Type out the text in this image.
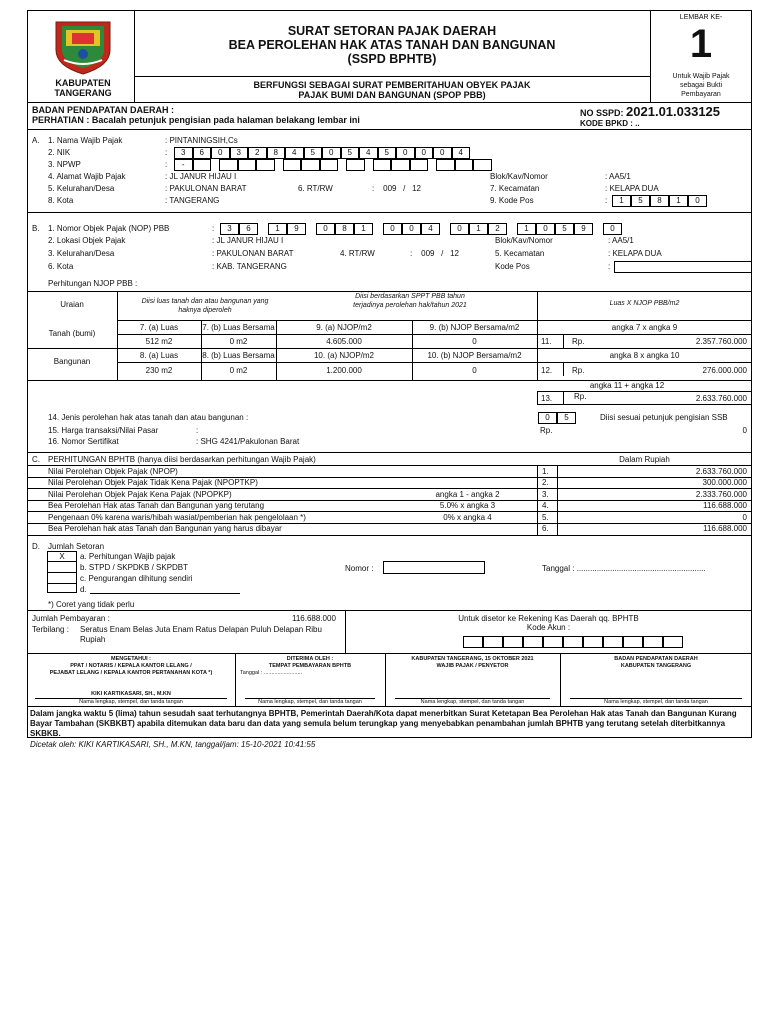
KABUPATEN
TANGERANG
SURAT SETORAN PAJAK DAERAH
BEA PEROLEHAN HAK ATAS TANAH DAN BANGUNAN
(SSPD BPHTB)
BERFUNGSI SEBAGAI SURAT PEMBERITAHUAN OBYEK PAJAK
PAJAK BUMI DAN BANGUNAN (SPOP PBB)
LEMBAR KE-
1
Untuk Wajib Pajak sebagai Bukti Pembayaran
BADAN PENDAPATAN DAERAH :
PERHATIAN : Bacalah petunjuk pengisian pada halaman belakang lembar ini
NO SSPD: 2021.01.033125
KODE BPKD : ..
A. 1. Nama Wajib Pajak	: PINTANINGSIH,Cs
2. NIK	:	3	6	0	3	2	8	4	5	0	5	4	5	0	0	0	4
3. NPWP	:	-
4. Alamat Wajib Pajak	: JL JANUR HIJAU I	Blok/Kav/Nomor	: AA5/1
5. Kelurahan/Desa	: PAKULONAN BARAT	6. RT/RW	:    009 / 12	7. Kecamatan	: KELAPA DUA
8. Kota	: TANGERANG	9. Kode Pos	:	1	5	8	1	0
B. 1. Nomor Objek Pajak (NOP) PBB	:	3	6	1	9	0	8	1	0	0	4	0	1	2	1	0	5	9	0
2. Lokasi Objek Pajak	: JL JANUR HIJAU I	Blok/Kav/Nomor	: AA5/1
3. Kelurahan/Desa	: PAKULONAN BARAT	4. RT/RW	:    009 / 12	5. Kecamatan	: KELAPA DUA
6. Kota	: KAB. TANGERANG	Kode Pos	:
Perhitungan NJOP PBB :
Uraian	Diisi luas tanah dan atau bangunan yang haknya diperoleh
Diisi berdasarkan SPPT PBB tahun terjadinya perolehan hak/tahun 2021	Luas X NJOP PBB/m2
Tanah (bumi)
7. (a) Luas	7. (b) Luas Bersama	9. (a) NJOP/m2	9. (b) NJOP Bersama/m2	angka 7 x angka 9
512 m2	0 m2	4.605.000	0	11.	Rp.	2.357.760.000
Bangunan
8. (a) Luas	8. (b) Luas Bersama	10. (a) NJOP/m2	10. (b) NJOP Bersama/m2	angka 8 x angka 10
230 m2	0 m2	1.200.000	0	12. Rp.	276.000.000
angka 11 + angka 12
13.	Rp.	2.633.760.000
14. Jenis perolehan hak atas tanah dan atau bangunan :	0	5	Diisi sesuai petunjuk pengisian SSB
15. Harga transaksi/Nilai Pasar	:	Rp.	0
16. Nomor Sertifikat	: SHG 4241/Pakulonan Barat
C. PERHITUNGAN BPHTB (hanya diisi berdasarkan perhitungan Wajib Pajak)	Dalam Rupiah
Nilai Perolehan Objek Pajak (NPOP)	1.	2.633.760.000
Nilai Perolehan Objek Pajak Tidak Kena Pajak (NPOPTKP)	2.	300.000.000
Nilai Perolehan Objek Pajak Kena Pajak (NPOPKP)	angka 1 - angka 2	3.	2.333.760.000
Bea Perolehan Hak atas Tanah dan Bangunan yang terutang	5.0% x angka 3	4.	116.688.000
Pengenaan 0% karena waris/hibah wasiat/pemberian hak pengelolaan *)	0% x angka 4	5.	0
Bea Perolehan hak atas Tanah dan Bangunan yang harus dibayar	6.	116.688.000
D. Jumlah Setoran
X	a. Perhitungan Wajib pajak
b. STPD / SKPDKB / SKPDBT
c. Pengurangan dihitung sendiri
d.
*) Coret yang tidak perlu
Nomor :	Tanggal : ..........................................................
Jumlah Pembayaran :	116.688.000
Terbilang : Seratus Enam Belas Juta Enam Ratus Delapan Puluh Delapan Ribu Rupiah
Untuk disetor ke Rekening Kas Daerah qq. BPHTB
Kode Akun :
MENGETAHUI :
PPAT / NOTARIS / KEPALA KANTOR LELANG /
PEJABAT LELANG / KEPALA KANTOR PERTANAHAN KOTA *)
KIKI KARTIKASARI, SH., M.KN
Nama lengkap, stempel, dan tanda tangan
DITERIMA OLEH :
TEMPAT PEMBAYARAN BPHTB
Tanggal : .........................
Nama lengkap, stempel, dan tanda tangan
KABUPATEN TANGERANG, 15 OKTOBER 2021
WAJIB PAJAK / PENYETOR
Nama lengkap, stempel, dan tanda tangan
BADAN PENDAPATAN DAERAH
KABUPATEN TANGERANG
Nama lengkap, stempel, dan tanda tangan
Dalam jangka waktu 5 (lima) tahun sesudah saat terhutangnya BPHTB, Pemerintah Daerah/Kota dapat menerbitkan Surat Ketetapan Bea Perolehan Hak atas Tanah dan Bangunan Kurang Bayar Tambahan (SKBKBT) apabila ditemukan data baru dan data yang semula belum terungkap yang menyebabkan penambahan jumlah BPHTB yang terutang setelah diterbitkannya SKBKB.
Dicetak oleh: KIKI KARTIKASARI, SH., M.KN, tanggal/jam: 15-10-2021 10:41:55
